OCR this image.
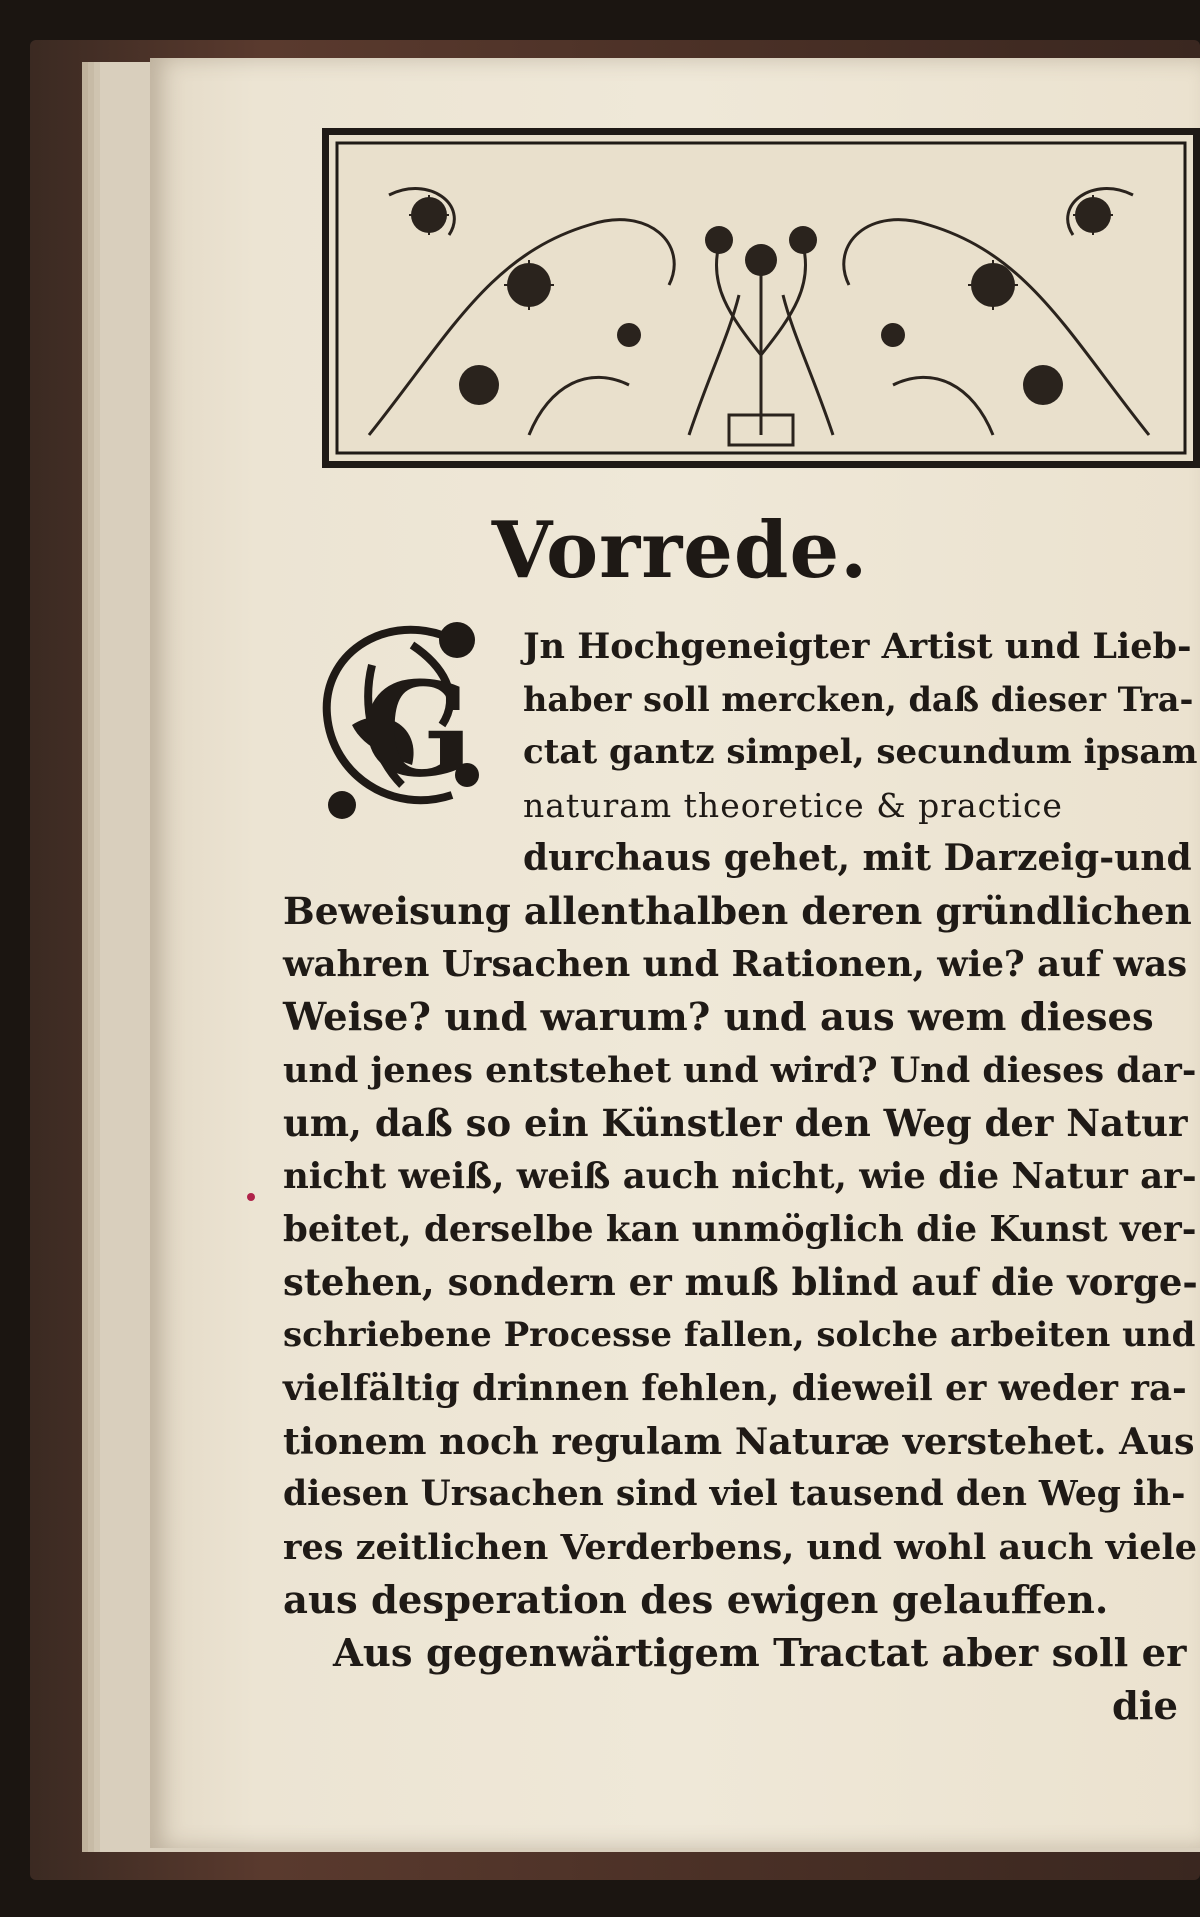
Vorrede.
G
Jn Hochgeneigter Artist und Lieb-
haber soll mercken, daß dieser Tra-
ctat gantz simpel, secundum ipsam
naturam theoretice & practice
durchaus gehet, mit Darzeig-und
Beweisung allenthalben deren gründlichen
wahren Ursachen und Rationen, wie? auf was
Weise? und warum? und aus wem dieses
und jenes entstehet und wird? Und dieses dar-
um, daß so ein Künstler den Weg der Natur
nicht weiß, weiß auch nicht, wie die Natur ar-
beitet, derselbe kan unmöglich die Kunst ver-
stehen, sondern er muß blind auf die vorge-
schriebene Processe fallen, solche arbeiten und
vielfältig drinnen fehlen, dieweil er weder ra-
tionem noch regulam Naturæ verstehet. Aus
diesen Ursachen sind viel tausend den Weg ih-
res zeitlichen Verderbens, und wohl auch viele
aus desperation des ewigen gelauffen.
Aus gegenwärtigem Tractat aber soll er
die
